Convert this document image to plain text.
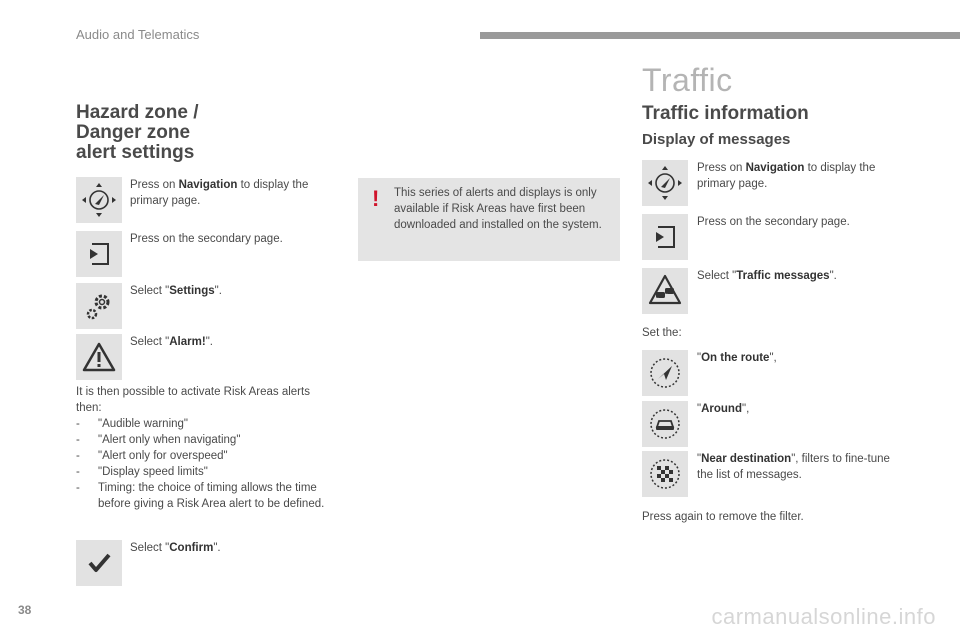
Audio and Telematics
Hazard zone /
Danger zone
alert settings
Press on Navigation to display the primary page.
Press on the secondary page.
Select "Settings".
Select "Alarm!".
It is then possible to activate Risk Areas alerts then:
-	"Audible warning"
-	"Alert only when navigating"
-	"Alert only for overspeed"
-	"Display speed limits"
-	Timing: the choice of timing allows the time before giving a Risk Area alert to be defined.
Select "Confirm".
! This series of alerts and displays is only available if Risk Areas have first been downloaded and installed on the system.
Traffic
Traffic information
Display of messages
Press on Navigation to display the primary page.
Press on the secondary page.
Select "Traffic messages".
Set the:
"On the route",
"Around",
"Near destination", filters to fine-tune the list of messages.
Press again to remove the filter.
38	carmanualsonline.info
